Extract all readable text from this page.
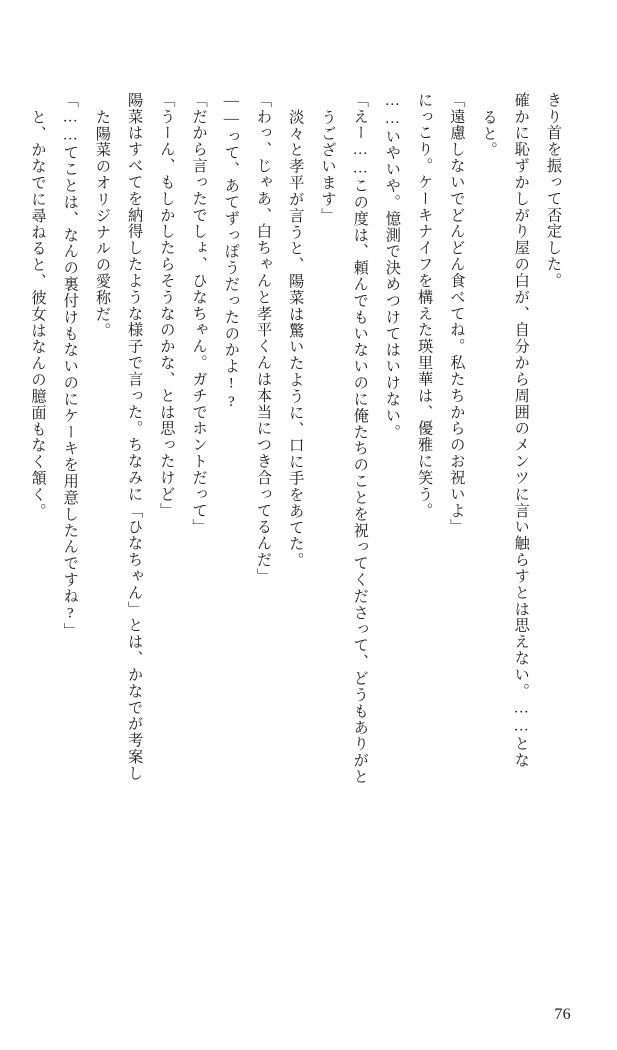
きり首を振って否定した。
確かに恥ずかしがり屋の白が、自分から周囲のメンツに言い触らすとは思えない。……とな
ると。
「遠慮しないでどんどん食べてね。私たちからのお祝いよ」
にっこり。ケーキナイフを構えた瑛里華は、優雅に笑う。
……いやいや。憶測で決めつけてはいけない。
「えー……この度は、頼んでもいないのに俺たちのことを祝ってくださって、どうもありがと
うございます」
淡々と孝平が言うと、陽菜は驚いたように、口に手をあてた。
「わっ、じゃあ、白ちゃんと孝平くんは本当につき合ってるんだ」
――って、あてずっぽうだったのかよ!?
「だから言ったでしょ、ひなちゃん。ガチでホントだって」
「うーん、もしかしたらそうなのかな、とは思ったけど」
陽菜はすべてを納得したような様子で言った。ちなみに「ひなちゃん」とは、かなでが考案し
た陽菜のオリジナルの愛称だ。
「……てことは、なんの裏付けもないのにケーキを用意したんですね?」
と、かなでに尋ねると、彼女はなんの臆面もなく頷く。
76
